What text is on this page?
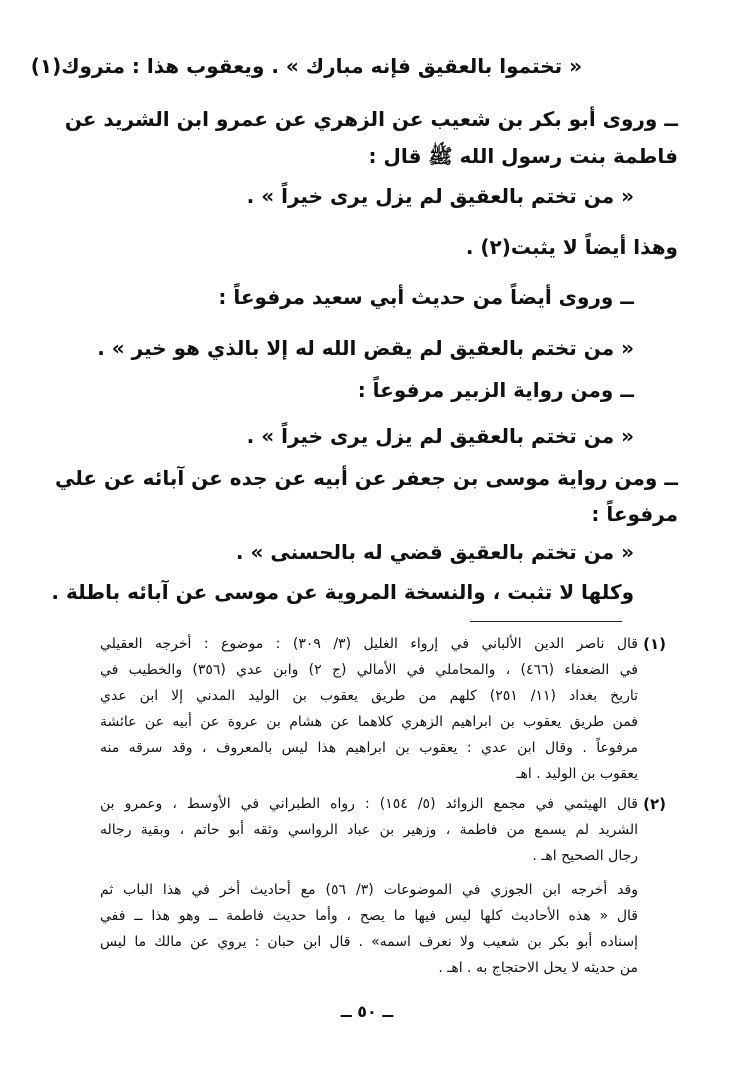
« تختموا بالعقيق فإنه مبارك » . ويعقوب هذا : متروك(١)
ــ وروى أبو بكر بن شعيب عن الزهري عن عمرو ابن الشريد عن
فاطمة بنت رسول الله ﷺ قال :
« من تختم بالعقيق لم يزل يرى خيراً » .
وهذا أيضاً لا يثبت(٢) .
ــ وروى أيضاً من حديث أبي سعيد مرفوعاً :
« من تختم بالعقيق لم يقض الله له إلا بالذي هو خير » .
ــ ومن رواية الزبير مرفوعاً :
« من تختم بالعقيق لم يزل يرى خيراً » .
ــ ومن رواية موسى بن جعفر عن أبيه عن جده عن آبائه عن علي
مرفوعاً :
« من تختم بالعقيق قضي له بالحسنى » .
وكلها لا تثبت ، والنسخة المروية عن موسى عن آبائه باطلة .
(١)
قال ناصر الدين الألباني في إرواء الغليل (٣/ ٣٠٩) : موضوع : أخرجه العقيلي
في الضعفاء (٤٦٦) ، والمحاملي في الأمالي (ج ٢) وابن عدي (٣٥٦) والخطيب في
تاريخ بغداد (١١/ ٢٥١) كلهم من طريق يعقوب بن الوليد المدني إلا ابن عدي
فمن طريق يعقوب بن ابراهيم الزهري كلاهما عن هشام بن عروة عن أبيه عن عائشة
مرفوعاً . وقال ابن عدي : يعقوب بن ابراهيم هذا ليس بالمعروف ، وقد سرقه منه
يعقوب بن الوليد . اهـ
(٢)
قال الهيثمي في مجمع الزوائد (٥/ ١٥٤) : رواه الطبراني في الأوسط ، وعمرو بن
الشريد لم يسمع من فاطمة ، وزهير بن عباد الرواسي وثقه أبو حاتم ، وبقية رجاله
رجال الصحيح اهـ .
وقد أخرجه ابن الجوزي في الموضوعات (٣/ ٥٦) مع أحاديث أخر في هذا الباب ثم
قال « هذه الأحاديث كلها ليس فيها ما يصح ، وأما حديث فاطمة ــ وهو هذا ــ ففي
إسناده أبو بكر بن شعيب ولا نعرف اسمه» . قال ابن حبان : يروي عن مالك ما ليس
من حديثه لا يحل الاحتجاج به . اهـ .
ــ ٥٠ ــ
